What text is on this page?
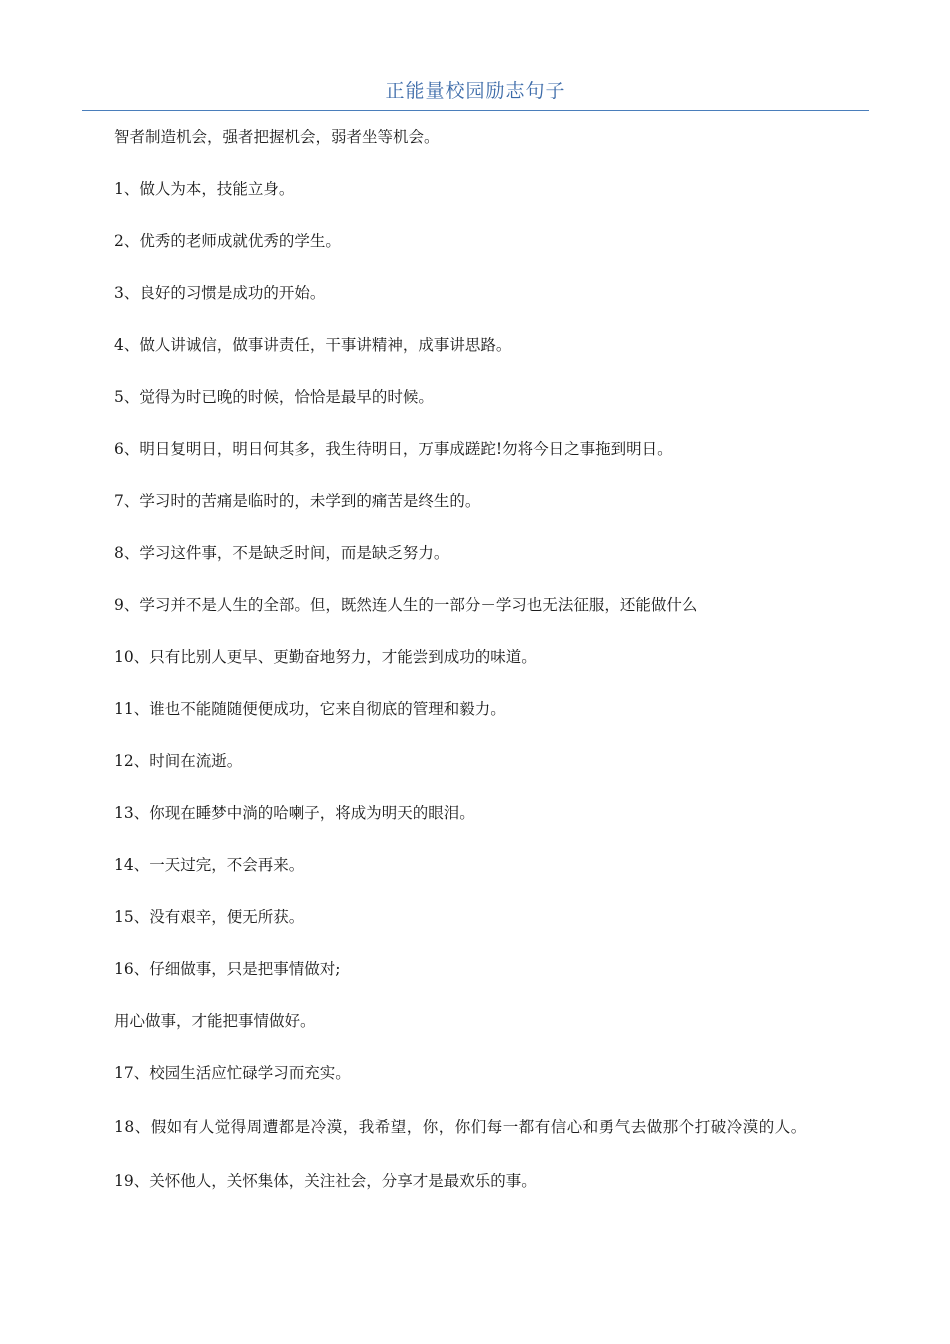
正能量校园励志句子

智者制造机会，强者把握机会，弱者坐等机会。

1、做人为本，技能立身。

2、优秀的老师成就优秀的学生。

3、良好的习惯是成功的开始。

4、做人讲诚信，做事讲责任，干事讲精神，成事讲思路。

5、觉得为时已晚的时候，恰恰是最早的时候。

6、明日复明日，明日何其多，我生待明日，万事成蹉跎!勿将今日之事拖到明日。

7、学习时的苦痛是临时的，未学到的痛苦是终生的。

8、学习这件事，不是缺乏时间，而是缺乏努力。

9、学习并不是人生的全部。但，既然连人生的一部分－学习也无法征服，还能做什么

10、只有比别人更早、更勤奋地努力，才能尝到成功的味道。

11、谁也不能随随便便成功，它来自彻底的管理和毅力。

12、时间在流逝。

13、你现在睡梦中淌的哈喇子，将成为明天的眼泪。

14、一天过完，不会再来。

15、没有艰辛，便无所获。

16、仔细做事，只是把事情做对;

用心做事，才能把事情做好。

17、校园生活应忙碌学习而充实。

18、假如有人觉得周遭都是冷漠，我希望，你，你们每一都有信心和勇气去做那个打破冷漠的人。

19、关怀他人，关怀集体，关注社会，分享才是最欢乐的事。
